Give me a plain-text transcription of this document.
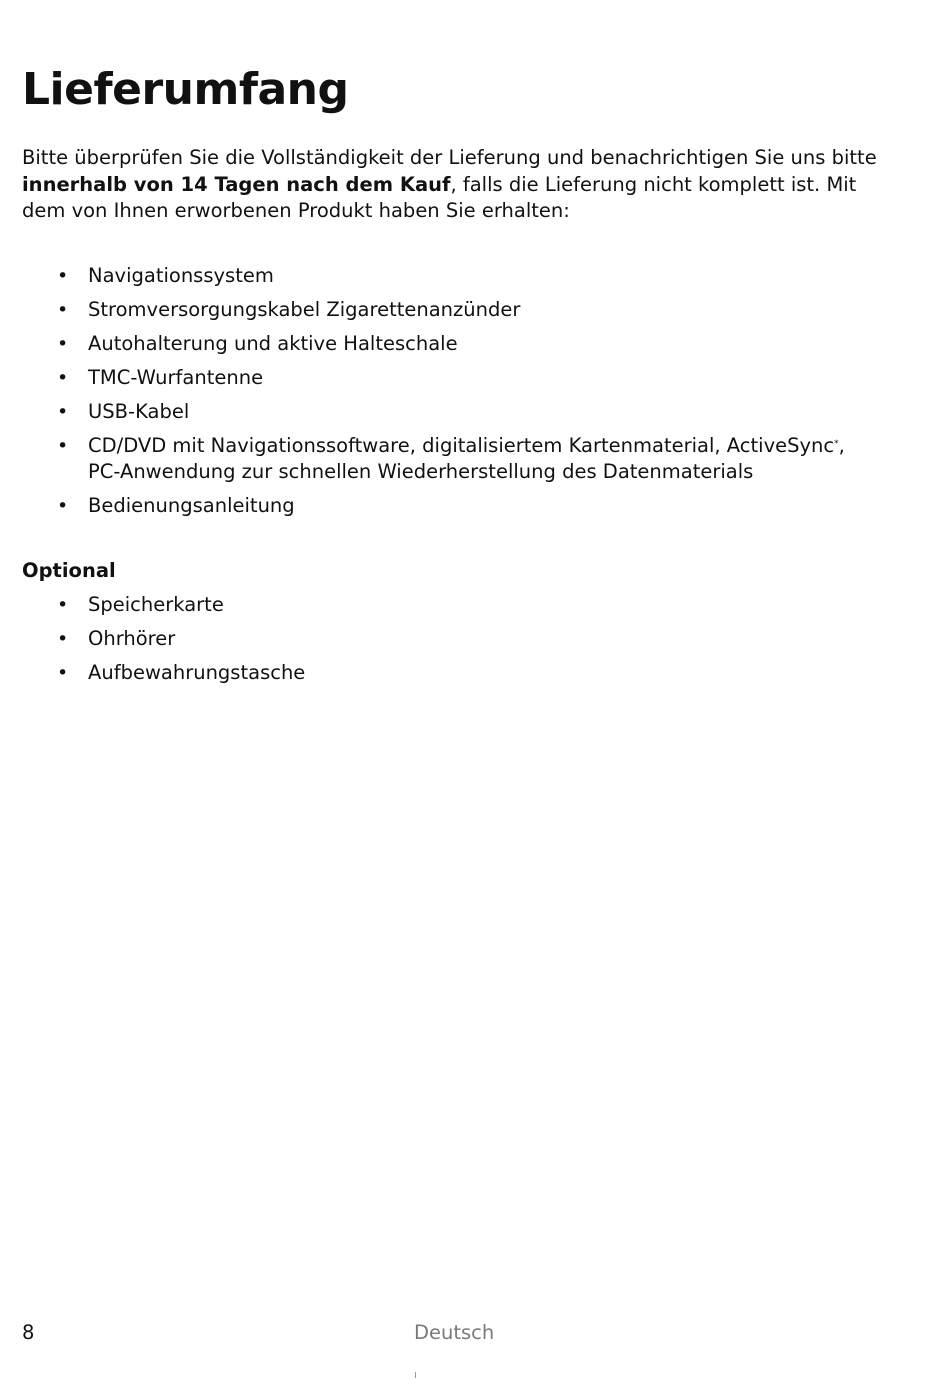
Lieferumfang

Bitte überprüfen Sie die Vollständigkeit der Lieferung und benachrichtigen Sie uns bitte innerhalb von 14 Tagen nach dem Kauf, falls die Lieferung nicht komplett ist. Mit dem von Ihnen erworbenen Produkt haben Sie erhalten:

• Navigationssystem
• Stromversorgungskabel Zigarettenanzünder
• Autohalterung und aktive Halteschale
• TMC-Wurfantenne
• USB-Kabel
• CD/DVD mit Navigationssoftware, digitalisiertem Kartenmaterial, ActiveSync*,
PC-Anwendung zur schnellen Wiederherstellung des Datenmaterials
• Bedienungsanleitung
Optional
• Speicherkarte
• Ohrhörer
• Aufbewahrungstasche
8	Deutsch
